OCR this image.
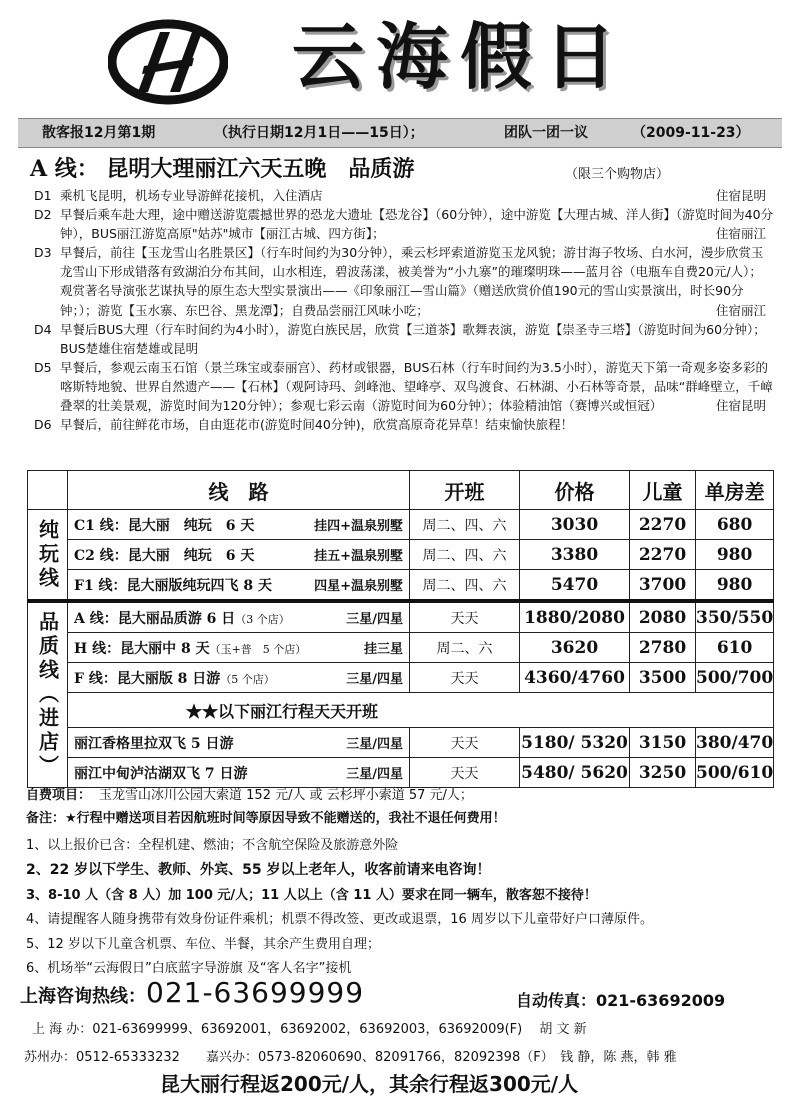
云海假日
散客报12月第1期	（执行日期12月1日——15日）；	团队一团一议	（2009-11-23）
A 线： 昆明大理丽江六天五晚　品质游	（限三个购物店）
D1 乘机飞昆明，机场专业导游鲜花接机，入住酒店	住宿昆明
D2 早餐后乘车赴大理，途中赠送游览震撼世界的恐龙大遗址【恐龙谷】（60分钟），途中游览【大理古城、洋人街】（游览时间为40分钟），BUS丽江游览高原"姑苏"城市【丽江古城、四方街】；	住宿丽江
D3 早餐后，前往【玉龙雪山名胜景区】（行车时间约为30分钟），乘云杉坪索道游览玉龙风貌；游甘海子牧场、白水河，漫步欣赏玉龙雪山下形成错落有致湖泊分布其间，山水相连，碧波荡漾，被美誉为“小九寨”的璀璨明珠——蓝月谷（电瓶车自费20元/人）；观赏著名导演张艺谋执导的原生态大型实景演出——《印象丽江—雪山篇》（赠送欣赏价值190元的雪山实景演出，时长90分钟；）；游览【玉水寨、东巴谷、黑龙潭】；自费品尝丽江风味小吃；	住宿丽江
D4 早餐后BUS大理（行车时间约为4小时），游览白族民居，欣赏【三道茶】歌舞表演，游览【崇圣寺三塔】（游览时间为60分钟）；BUS楚雄住宿楚雄或昆明
D5 早餐后，参观云南玉石馆（景兰珠宝或泰丽宫）、药材或银器，BUS石林（行车时间约为3.5小时），游览天下第一奇观多姿多彩的喀斯特地貌、世界自然遗产——【石林】（观阿诗玛、剑峰池、望峰亭、双鸟渡食、石林湖、小石林等奇景，品味“群峰壁立，千嶂叠翠的壮美景观，游览时间为120分钟）；参观七彩云南（游览时间为60分钟）；体验精油馆（赛博兴或恒冠）	住宿昆明
D6 早餐后，前往鲜花市场，自由逛花市(游览时间40分钟)，欣赏高原奇花异草！结束愉快旅程！
	线　路	开班	价格	儿童	单房差
纯玩线	C1 线：昆大丽　纯玩　6 天 挂四+温泉别墅	周二、四、六	3030	2270	680
	C2 线：昆大丽　纯玩　6 天 挂五+温泉别墅	周二、四、六	3380	2270	980
	F1 线：昆大丽版纯玩四飞 8 天 四星+温泉别墅	周二、四、六	5470	3700	980
品质线（进店）	A 线：昆大丽品质游 6 日（3 个店） 三星/四星	天天	1880/2080	2080	350/550
	H 线：昆大丽中 8 天（玉+普　5 个店） 挂三星	周二、六	3620	2780	610
	F 线：昆大丽版 8 日游（5 个店） 三星/四星	天天	4360/4760	3500	500/700
	★★以下丽江行程天天开班				
	丽江香格里拉双飞 5 日游 三星/四星	天天	5180/ 5320	3150	380/470
	丽江中甸泸沽湖双飞 7 日游 三星/四星	天天	5480/ 5620	3250	500/610
自费项目： 玉龙雪山冰川公园大索道 152 元/人 或 云杉坪小索道 57 元/人；
备注：★行程中赠送项目若因航班时间等原因导致不能赠送的，我社不退任何费用！
1、以上报价已含：全程机建、燃油；不含航空保险及旅游意外险
2、22 岁以下学生、教师、外宾、55 岁以上老年人，收客前请来电咨询！
3、8-10 人（含 8 人）加 100 元/人；11 人以上（含 11 人）要求在同一辆车，散客恕不接待！
4、请提醒客人随身携带有效身份证件乘机；机票不得改签、更改或退票，16 周岁以下儿童带好户口薄原件。
5、12 岁以下儿童含机票、车位、半餐，其余产生费用自理；
6、机场举“云海假日”白底蓝字导游旗 及“客人名字”接机
上海咨询热线：021-63699999	自动传真：021-63692009
上 海 办：021-63699999、63692001，63692002，63692003，63692009(F)　 胡 文 新
苏州办：0512-65333232　　嘉兴办：0573-82060690、82091766，82092398（F）　钱 静，陈 燕，韩 雅
昆大丽行程返200元/人，其余行程返300元/人
